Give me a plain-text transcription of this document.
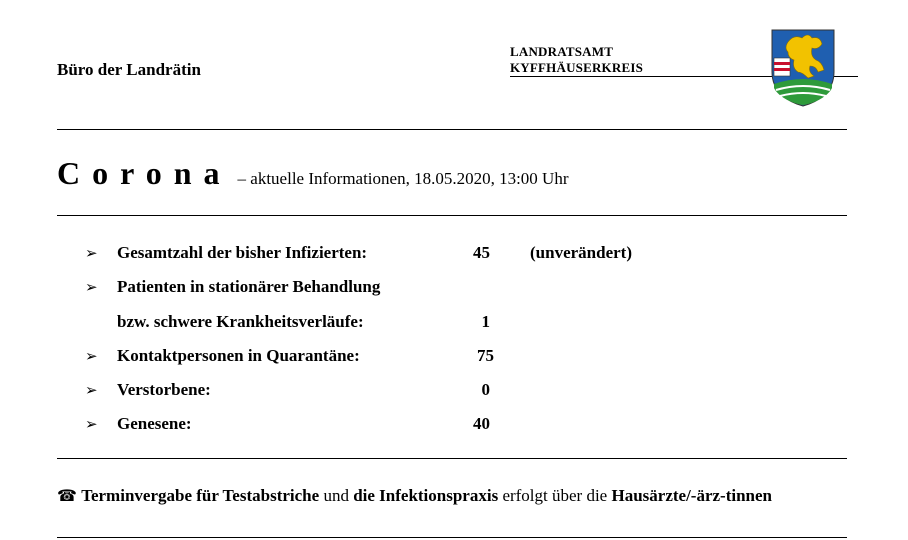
Büro der Landrätin
LANDRATSAMT
KYFFHÄUSERKREIS
Corona – aktuelle Informationen, 18.05.2020, 13:00 Uhr
➢ Gesamtzahl der bisher Infizierten:	45 (unverändert)
➢ Patienten in stationärer Behandlung
bzw. schwere Krankheitsverläufe:	1
➢ Kontaktpersonen in Quarantäne:	75
➢ Verstorbene:	0
➢ Genesene:	40
☎ Terminvergabe für Testabstriche und die Infektionspraxis erfolgt über die Hausärzte/-ärz-tinnen
